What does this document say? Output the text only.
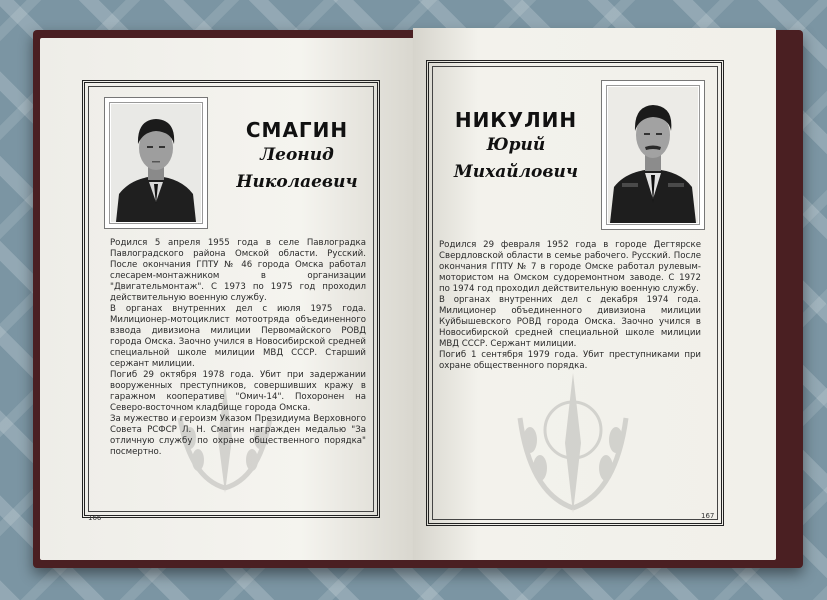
СМАГИН
Леонид
Николаевич
Родился 5 апреля 1955 года в селе Павлоградка Павлоградского района Омской области. Русский. После окончания ГПТУ № 46 города Омска работал слесарем-монтажником в организации "Двигательмонтаж". С 1973 по 1975 год проходил действительную военную службу.
В органах внутренних дел с июля 1975 года. Милиционер-мотоциклист мотоотряда объединенного взвода дивизиона милиции Первомайского РОВД города Омска. Заочно учился в Новосибирской средней специальной школе милиции МВД СССР. Старший сержант милиции.
Погиб 29 октября 1978 года. Убит при задержании вооруженных преступников, совершивших кражу в гаражном кооперативе "Омич-14". Похоронен на Северо-восточном кладбище города Омска.
За мужество и героизм Указом Президиума Верховного Совета РСФСР Л. Н. Смагин награжден медалью "За отличную службу по охране общественного порядка" посмертно.
166
НИКУЛИН
Юрий
Михайлович
Родился 29 февраля 1952 года в городе Дегтярске Свердловской области в семье рабочего. Русский. После окончания ГПТУ № 7 в городе Омске работал рулевым-мотористом на Омском судоремонтном заводе. С 1972 по 1974 год проходил действительную военную службу.
В органах внутренних дел с декабря 1974 года. Милиционер объединенного дивизиона милиции Куйбышевского РОВД города Омска. Заочно учился в Новосибирской средней специальной школе милиции МВД СССР. Сержант милиции.
Погиб 1 сентября 1979 года. Убит преступниками при охране общественного порядка.
167
